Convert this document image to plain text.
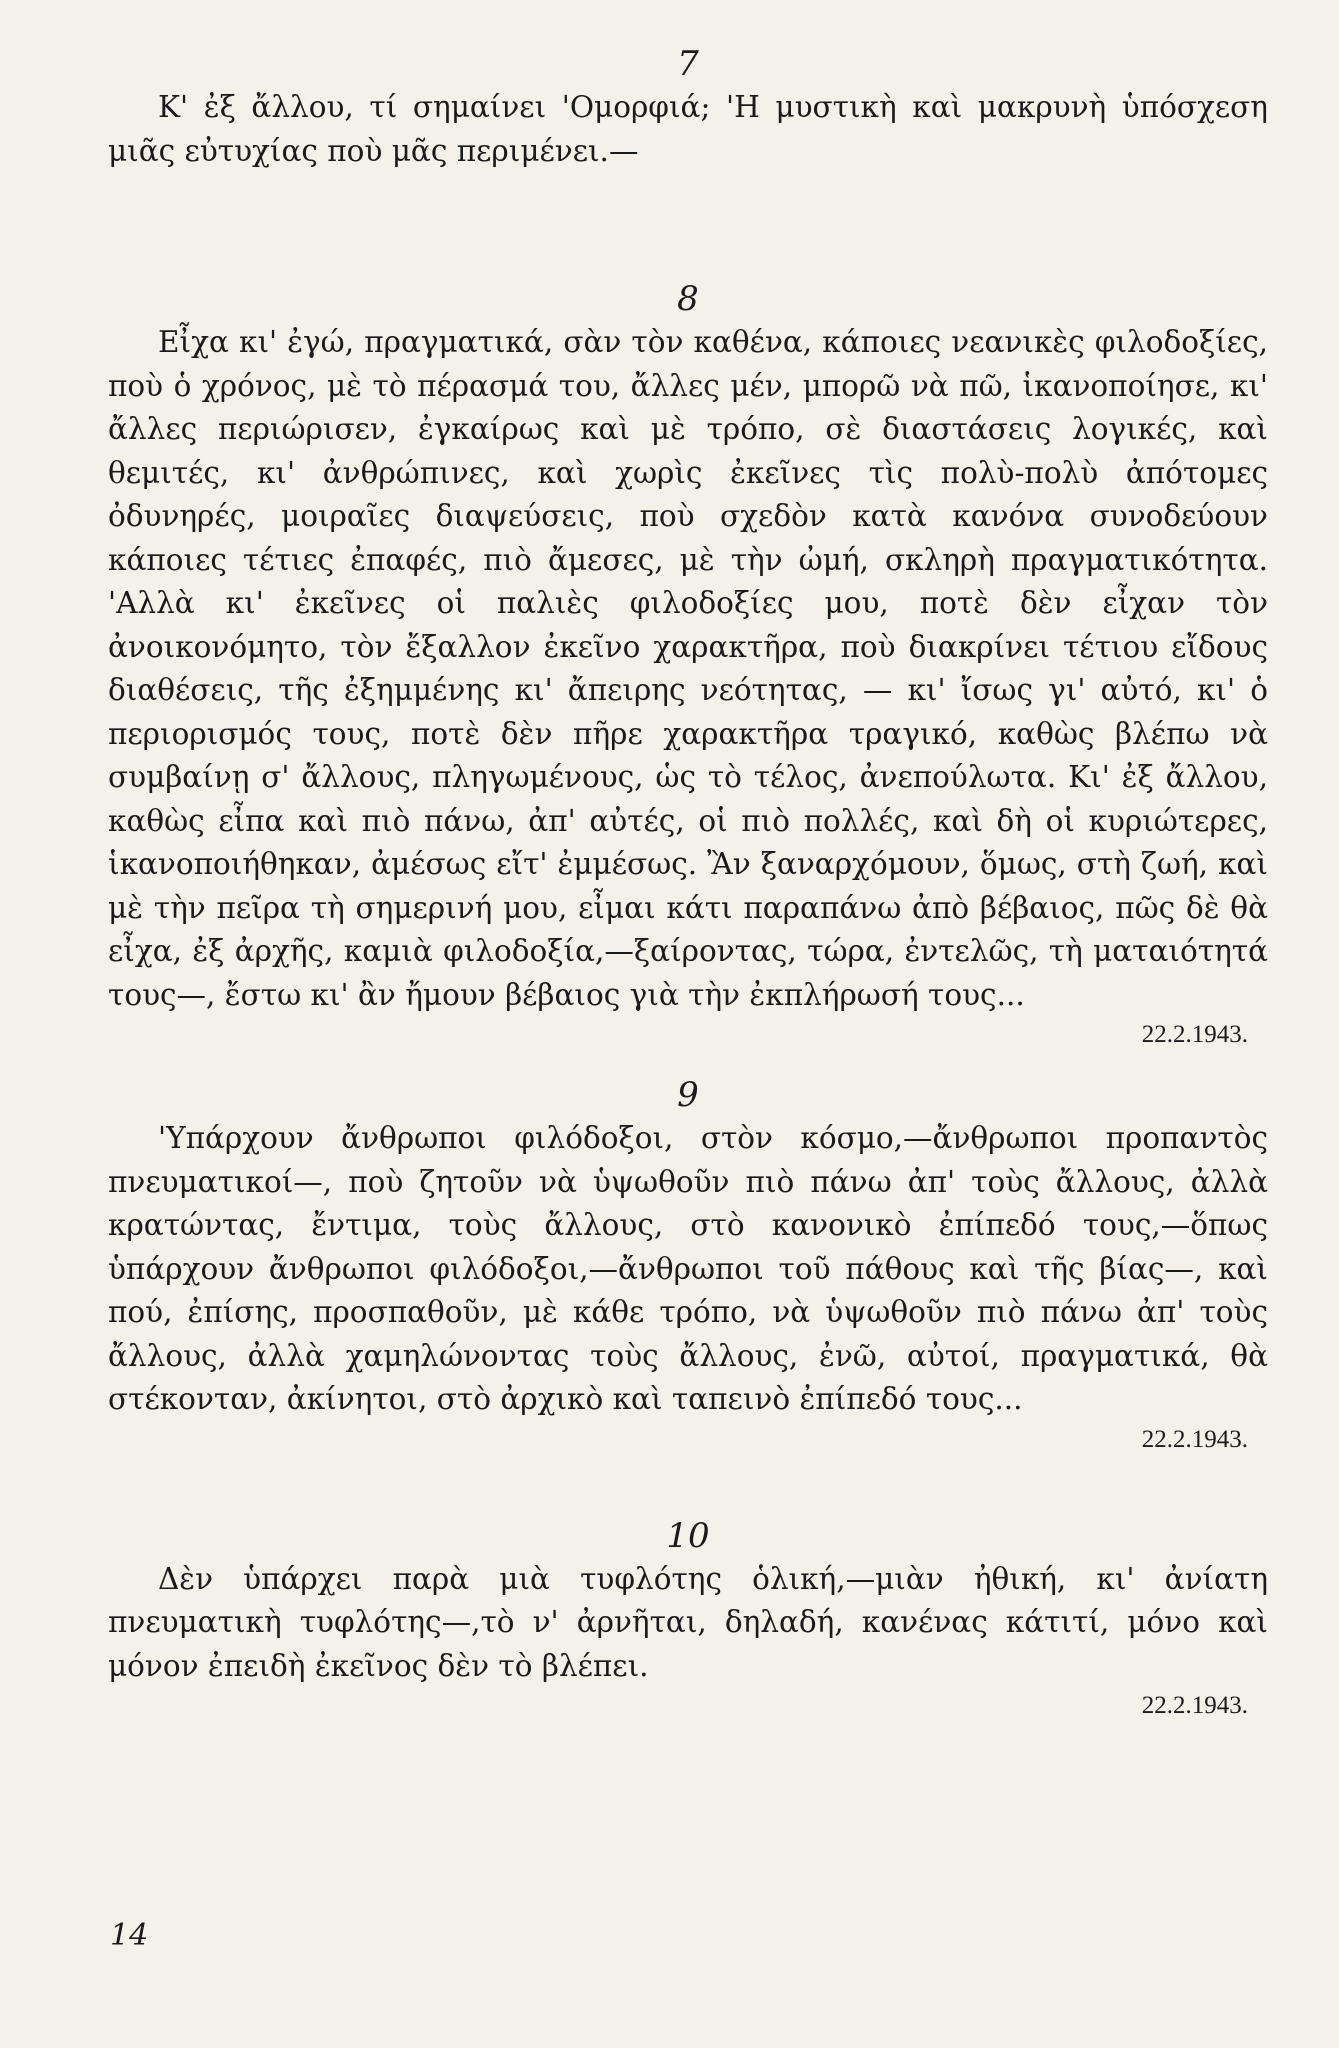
7

Κ' ἐξ ἄλλου, τί σημαίνει 'Ομορφιά; 'Η μυστικὴ καὶ μακρυνὴ ὑπόσχεση μιᾶς εὐτυχίας ποὺ μᾶς περιμένει.—

8

Εἶχα κι' ἐγώ, πραγματικά, σὰν τὸν καθένα, κάποιες νεανικὲς φιλοδοξίες, ποὺ ὁ χρόνος, μὲ τὸ πέρασμά του, ἄλλες μέν, μπορῶ νὰ πῶ, ἱκανοποίησε, κι' ἄλλες περιώρισεν, ἐγκαίρως καὶ μὲ τρόπο, σὲ διαστάσεις λογικές, καὶ θεμιτές, κι' ἀνθρώπινες, καὶ χωρὶς ἐκεῖνες τὶς πολὺ-πολὺ ἀπότομες ὀδυνηρές, μοιραῖες διαψεύσεις, ποὺ σχεδὸν κατὰ κανόνα συνοδεύουν κάποιες τέτιες ἐπαφές, πιὸ ἄμεσες, μὲ τὴν ὠμή, σκληρὴ πραγματικότητα. 'Αλλὰ κι' ἐκεῖνες οἱ παλιὲς φιλοδοξίες μου, ποτὲ δὲν εἶχαν τὸν ἀνοικονόμητο, τὸν ἔξαλλον ἐκεῖνο χαρακτῆρα, ποὺ διακρίνει τέτιου εἴδους διαθέσεις, τῆς ἐξημμένης κι' ἄπειρης νεότητας, — κι' ἴσως γι' αὐτό, κι' ὁ περιορισμός τους, ποτὲ δὲν πῆρε χαρακτῆρα τραγικό, καθὼς βλέπω νὰ συμβαίνῃ σ' ἄλλους, πληγωμένους, ὡς τὸ τέλος, ἀνεπούλωτα. Κι' ἐξ ἄλλου, καθὼς εἶπα καὶ πιὸ πάνω, ἀπ' αὐτές, οἱ πιὸ πολλές, καὶ δὴ οἱ κυριώτερες, ἱκανοποιήθηκαν, ἀμέσως εἴτ' ἐμμέσως. Ἂν ξαναρχόμουν, ὅμως, στὴ ζωή, καὶ μὲ τὴν πεῖρα τὴ σημερινή μου, εἶμαι κάτι παραπάνω ἀπὸ βέβαιος, πῶς δὲ θὰ εἶχα, ἐξ ἀρχῆς, καμιὰ φιλοδοξία,—ξαίροντας, τώρα, ἐντελῶς, τὴ ματαιότητά τους—, ἔστω κι' ἂν ἤμουν βέβαιος γιὰ τὴν ἐκπλήρωσή τους...

22.2.1943.

9

'Υπάρχουν ἄνθρωποι φιλόδοξοι, στὸν κόσμο,—ἄνθρωποι προπαντὸς πνευματικοί—, ποὺ ζητοῦν νὰ ὑψωθοῦν πιὸ πάνω ἀπ' τοὺς ἄλλους, ἀλλὰ κρατώντας, ἔντιμα, τοὺς ἄλλους, στὸ κανονικὸ ἐπίπεδό τους,—ὅπως ὑπάρχουν ἄνθρωποι φιλόδοξοι,—ἄνθρωποι τοῦ πάθους καὶ τῆς βίας—, καὶ πού, ἐπίσης, προσπαθοῦν, μὲ κάθε τρόπο, νὰ ὑψωθοῦν πιὸ πάνω ἀπ' τοὺς ἄλλους, ἀλλὰ χαμηλώνοντας τοὺς ἄλλους, ἐνῶ, αὐτοί, πραγματικά, θὰ στέκονταν, ἀκίνητοι, στὸ ἀρχικὸ καὶ ταπεινὸ ἐπίπεδό τους...

22.2.1943.

10

Δὲν ὑπάρχει παρὰ μιὰ τυφλότης ὁλική,—μιὰν ἠθική, κι' ἀνίατη πνευματικὴ τυφλότης—,τὸ ν' ἀρνῆται, δηλαδή, κανένας κάτιτί, μόνο καὶ μόνον ἐπειδὴ ἐκεῖνος δὲν τὸ βλέπει.

22.2.1943.

14
